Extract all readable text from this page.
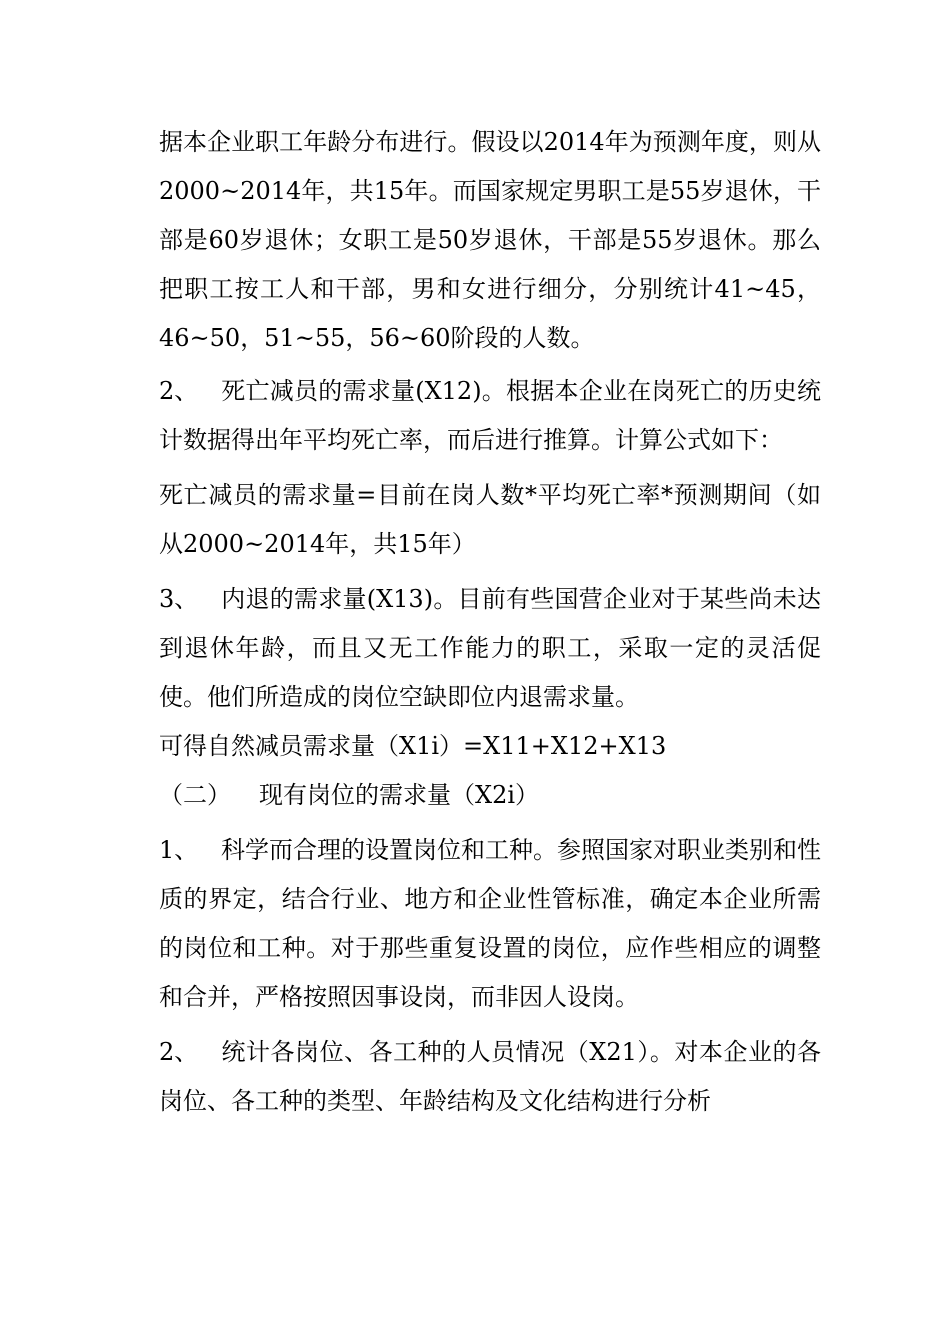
据本企业职工年龄分布进行。假设以2014年为预测年度，则从2000~2014年，共15年。而国家规定男职工是55岁退休，干部是60岁退休；女职工是50岁退休，干部是55岁退休。那么把职工按工人和干部，男和女进行细分，分别统计41~45，46~50，51~55，56~60阶段的人数。

2、 死亡减员的需求量(X12)。根据本企业在岗死亡的历史统计数据得出年平均死亡率，而后进行推算。计算公式如下：

死亡减员的需求量=目前在岗人数*平均死亡率*预测期间（如从2000~2014年，共15年）

3、 内退的需求量(X13)。目前有些国营企业对于某些尚未达到退休年龄，而且又无工作能力的职工，采取一定的灵活促使。他们所造成的岗位空缺即位内退需求量。

可得自然减员需求量（X1i）=X11+X12+X13

（二） 现有岗位的需求量（X2i）

1、 科学而合理的设置岗位和工种。参照国家对职业类别和性质的界定，结合行业、地方和企业性管标准，确定本企业所需的岗位和工种。对于那些重复设置的岗位，应作些相应的调整和合并，严格按照因事设岗，而非因人设岗。

2、 统计各岗位、各工种的人员情况（X21）。对本企业的各岗位、各工种的类型、年龄结构及文化结构进行分析
